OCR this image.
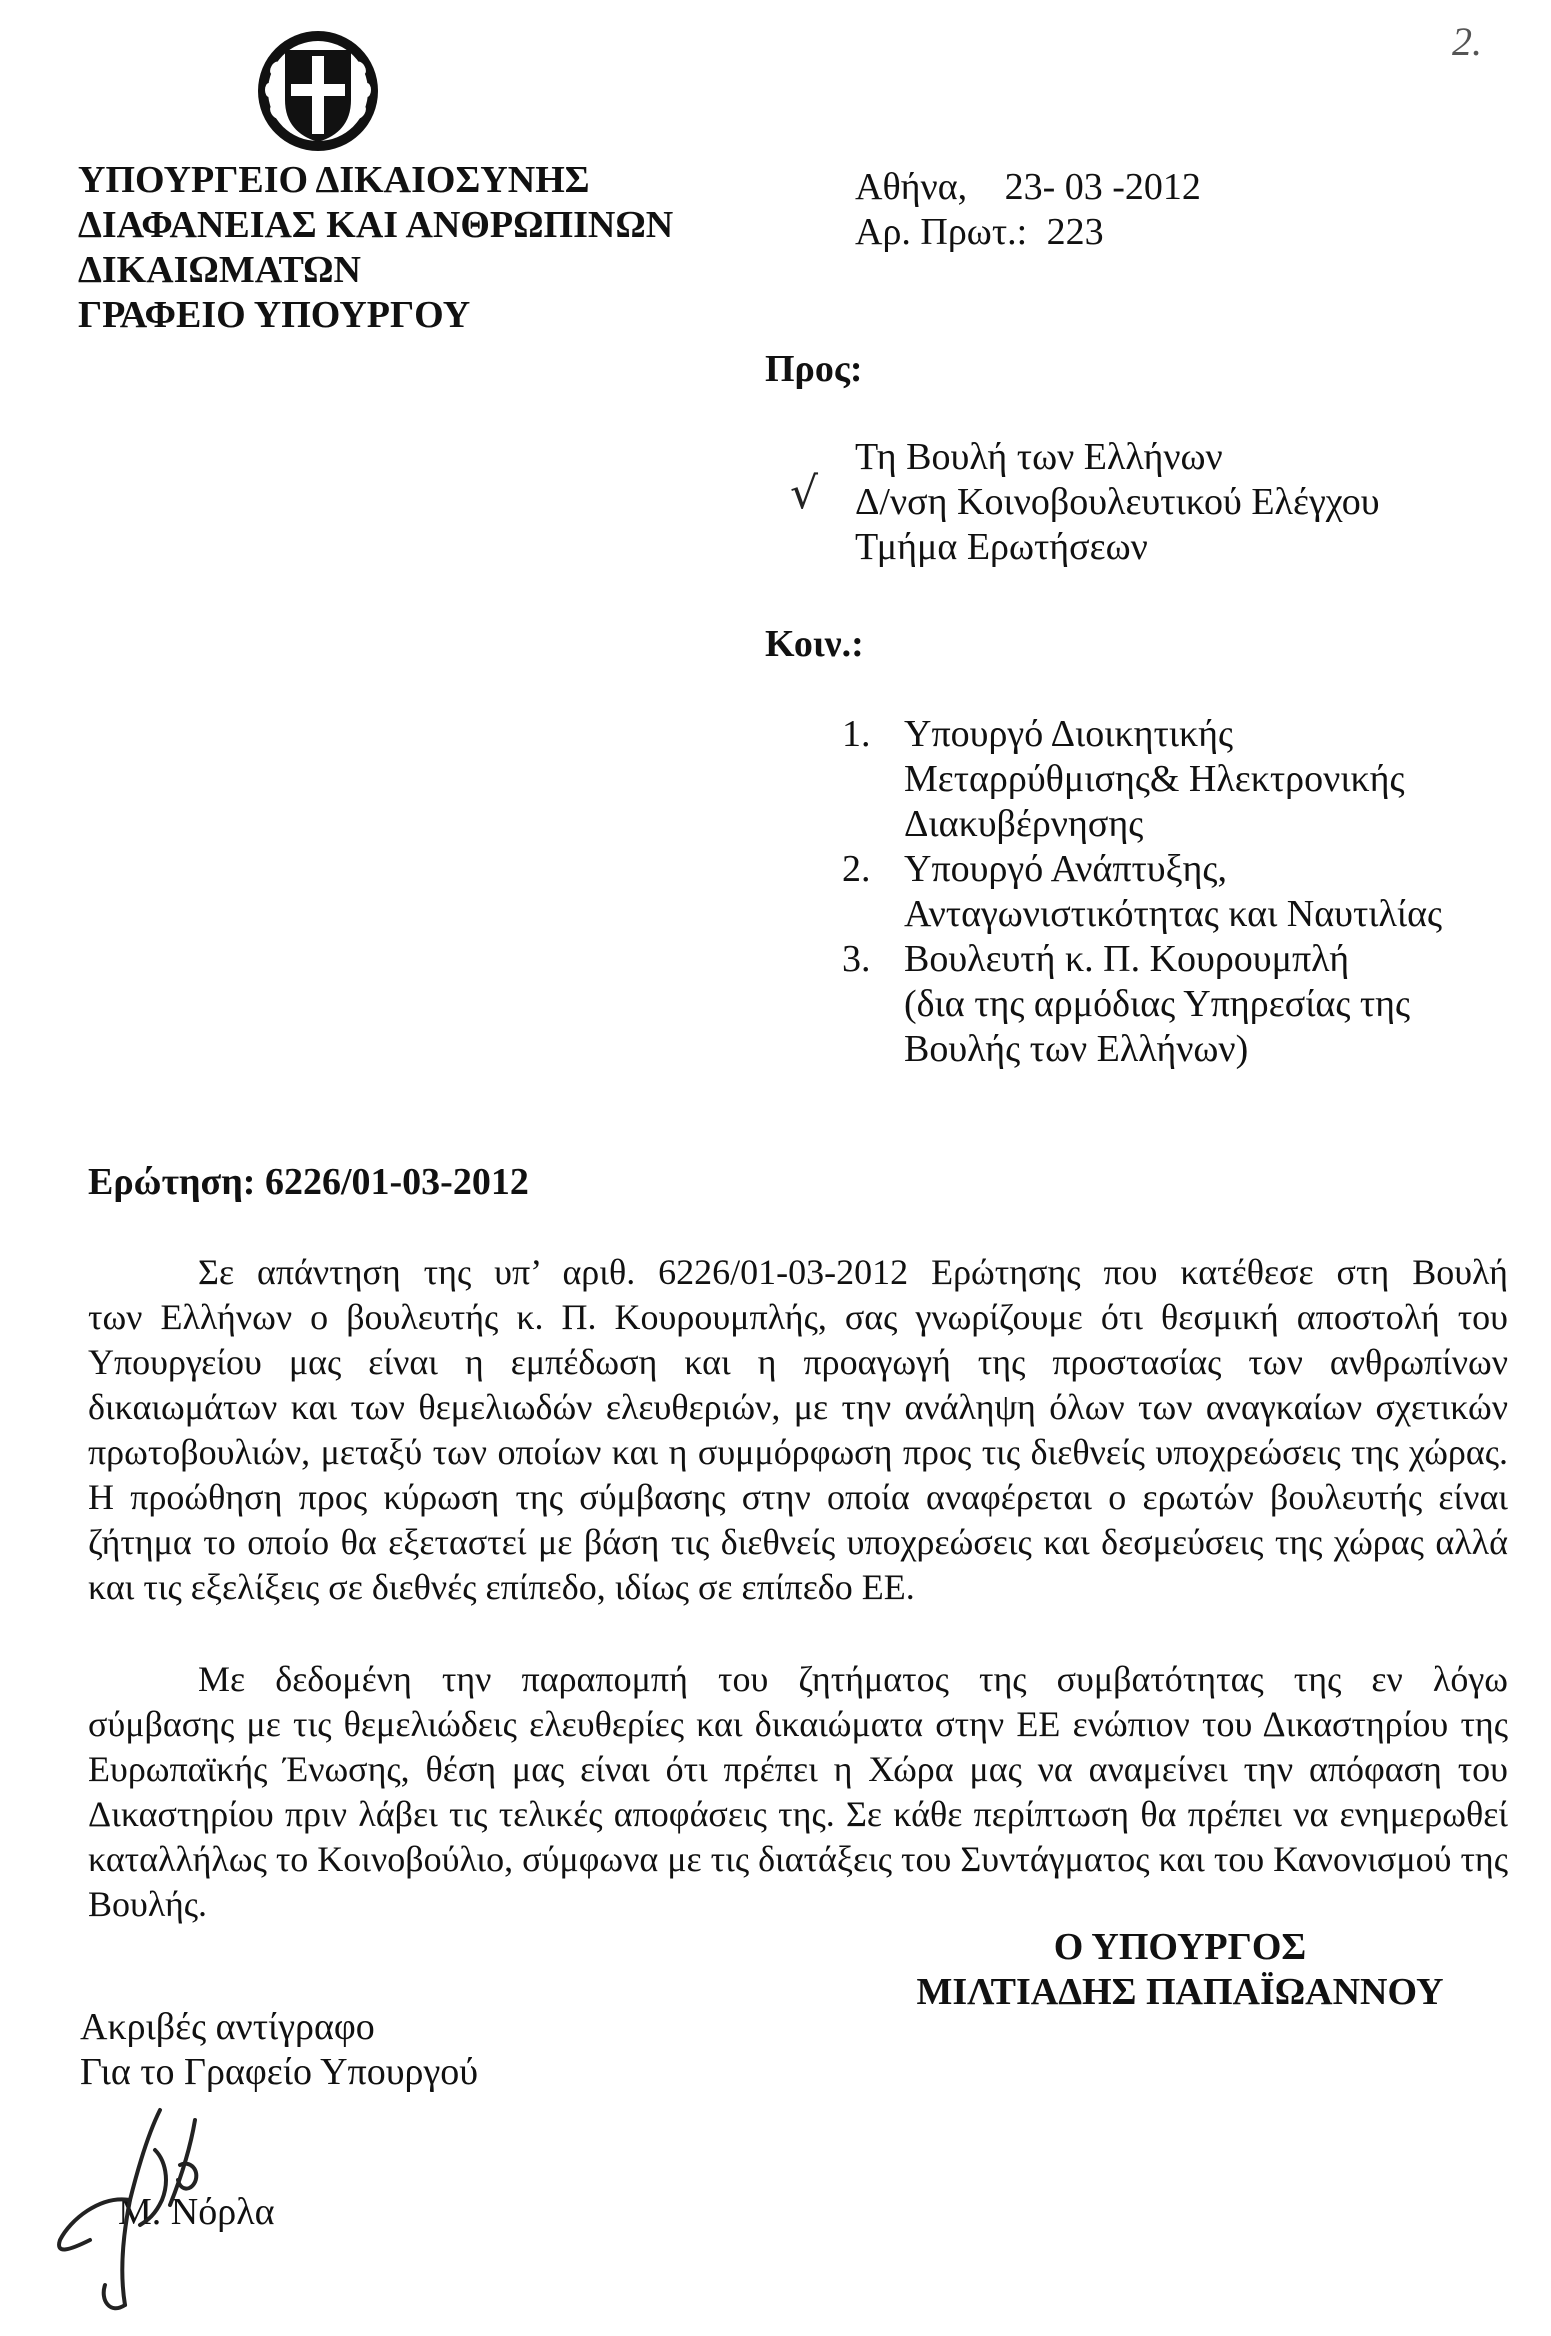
2.
ΥΠΟΥΡΓΕΙΟ ΔΙΚΑΙΟΣΥΝΗΣ
ΔΙΑΦΑΝΕΙΑΣ ΚΑΙ ΑΝΘΡΩΠΙΝΩΝ
ΔΙΚΑΙΩΜΑΤΩΝ
ΓΡΑΦΕΙΟ ΥΠΟΥΡΓΟΥ
Αθήνα, 23- 03 -2012
Αρ. Πρωτ.: 223
Προς:
√
Τη Βουλή των Ελλήνων
Δ/νση Κοινοβουλευτικού Ελέγχου
Τμήμα Ερωτήσεων
Κοιν.:
1. Υπουργό Διοικητικής
Μεταρρύθμισης& Ηλεκτρονικής
Διακυβέρνησης
2. Υπουργό Ανάπτυξης,
Ανταγωνιστικότητας και Ναυτιλίας
3. Βουλευτή κ. Π. Κουρουμπλή
(δια της αρμόδιας Υπηρεσίας της
Βουλής των Ελλήνων)
Ερώτηση: 6226/01-03-2012
Σε απάντηση της υπ’ αριθ. 6226/01-03-2012 Ερώτησης που κατέθεσε στη Βουλή
των Ελλήνων ο βουλευτής κ. Π. Κουρουμπλής, σας γνωρίζουμε ότι θεσμική αποστολή του Υπουργείου μας είναι η εμπέδωση και η προαγωγή της προστασίας των ανθρωπίνων δικαιωμάτων και των θεμελιωδών ελευθεριών, με την ανάληψη όλων των αναγκαίων σχετικών πρωτοβουλιών, μεταξύ των οποίων και η συμμόρφωση προς τις διεθνείς υποχρεώσεις της χώρας. Η προώθηση προς κύρωση της σύμβασης στην οποία αναφέρεται ο ερωτών βουλευτής είναι ζήτημα το οποίο θα εξεταστεί με βάση τις διεθνείς υποχρεώσεις και δεσμεύσεις της χώρας αλλά και τις εξελίξεις σε διεθνές επίπεδο, ιδίως σε επίπεδο ΕΕ.
Με δεδομένη την παραπομπή του ζητήματος της συμβατότητας της εν λόγω
σύμβασης με τις θεμελιώδεις ελευθερίες και δικαιώματα στην ΕΕ ενώπιον του Δικαστηρίου της Ευρωπαϊκής Ένωσης, θέση μας είναι ότι πρέπει η Χώρα μας να αναμείνει την απόφαση του Δικαστηρίου πριν λάβει τις τελικές αποφάσεις της. Σε κάθε περίπτωση θα πρέπει να ενημερωθεί καταλλήλως το Κοινοβούλιο, σύμφωνα με τις διατάξεις του Συντάγματος και του Κανονισμού της Βουλής.
Ο ΥΠΟΥΡΓΟΣ
ΜΙΛΤΙΑΔΗΣ ΠΑΠΑΪΩΑΝΝΟΥ
Ακριβές αντίγραφο
Για το Γραφείο Υπουργού
Μ. Νόρλα
